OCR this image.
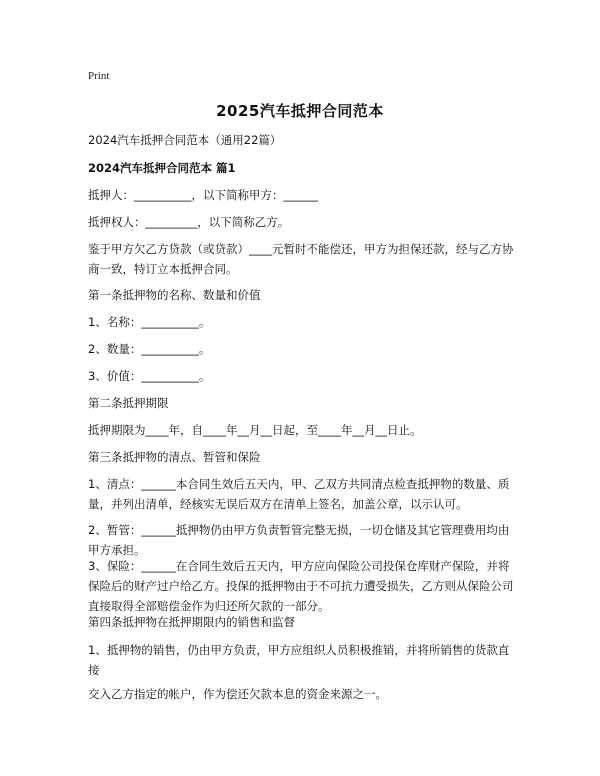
Print
2025汽车抵押合同范本
2024汽车抵押合同范本（通用22篇）
2024汽车抵押合同范本 篇1
抵押人：__________，以下简称甲方：______
抵押权人：_________，以下简称乙方。
鉴于甲方欠乙方贷款（或贷款）____元暂时不能偿还，甲方为担保还款，经与乙方协商一致，特订立本抵押合同。
第一条抵押物的名称、数量和价值
1、名称：__________。
2、数量：__________。
3、价值：__________。
第二条抵押期限
抵押期限为____年，自____年__月__日起，至____年__月__日止。
第三条抵押物的清点、暂管和保险
1、清点：______本合同生效后五天内，甲、乙双方共同清点检查抵押物的数量、质量，并列出清单，经核实无误后双方在清单上签名，加盖公章，以示认可。
2、暂管：______抵押物仍由甲方负责暂管完整无损，一切仓储及其它管理费用均由甲方承担。
3、保险：______在合同生效后五天内，甲方应向保险公司投保仓库财产保险，并将保险后的财产过户给乙方。投保的抵押物由于不可抗力遭受损失，乙方则从保险公司直接取得全部赔偿金作为归还所欠款的一部分。
第四条抵押物在抵押期限内的销售和监督
1、抵押物的销售，仍由甲方负责，甲方应组织人员积极推销，并将所销售的货款直接
交入乙方指定的帐户，作为偿还欠款本息的资金来源之一。
